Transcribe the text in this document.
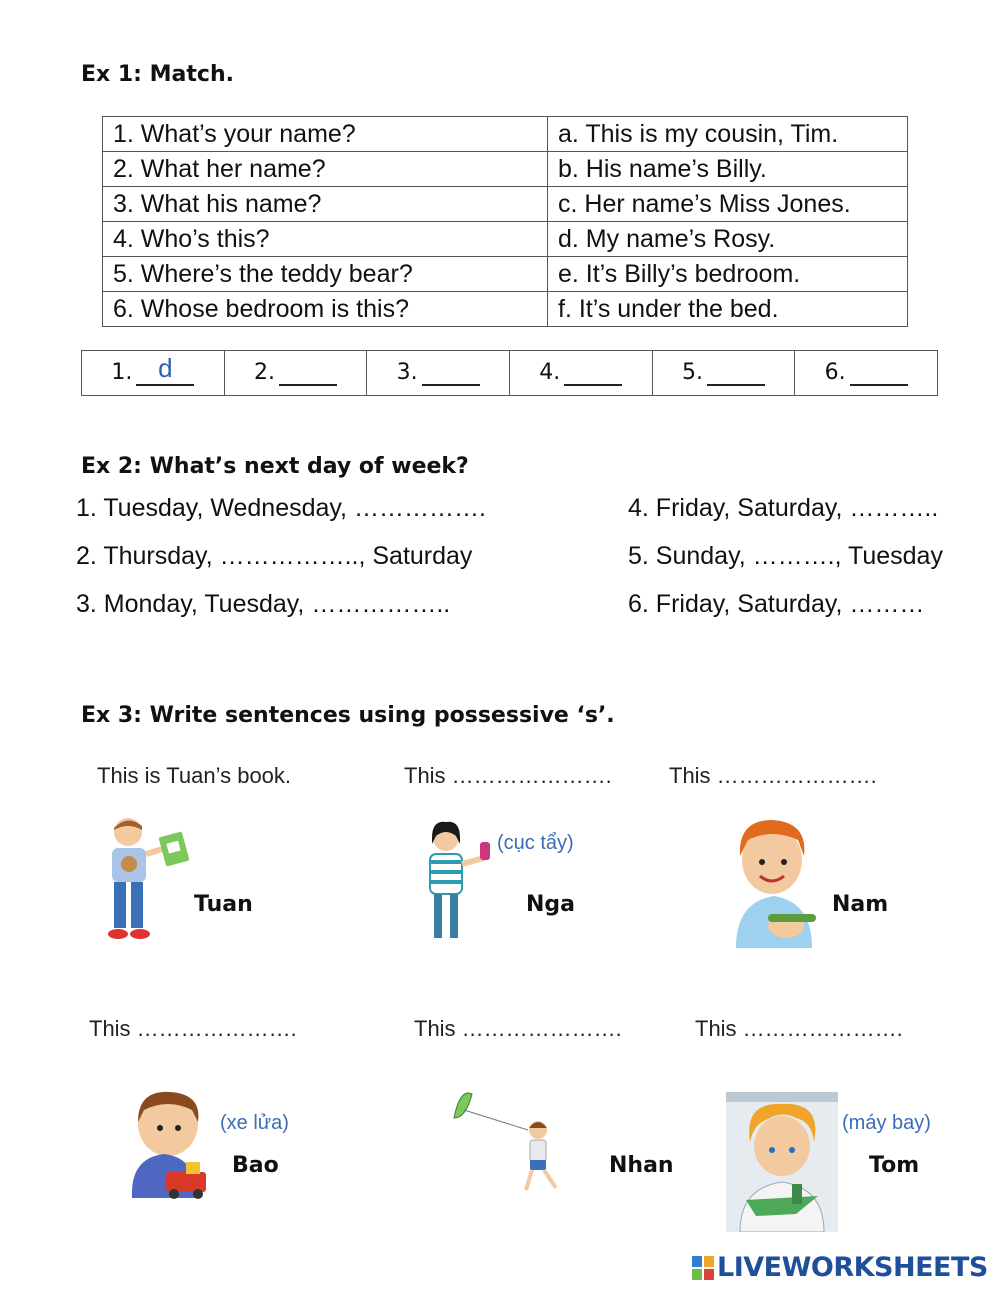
Ex 1: Match.
1. What’s your name?	a. This is my cousin, Tim.
2. What her name?	b. His name’s Billy.
3. What his name?	c. Her name’s Miss Jones.
4. Who’s this?	d. My name’s Rosy.
5. Where’s the teddy bear?	e. It’s Billy’s bedroom.
6. Whose bedroom is this?	f. It’s under the bed.
1.d	2.	3.	4.	5.	6.
Ex 2: What’s next day of week?
1. Tuesday, Wednesday, …………….
2. Thursday, …………….., Saturday
3. Monday, Tuesday, ……………..
4. Friday, Saturday, ………..
5. Sunday, ………., Tuesday
6. Friday, Saturday, ………
Ex 3: Write sentences using possessive ‘s’.
This is Tuan’s book.	This ………………….	This ………………….
Tuan
(cục tẩy)
Nga	Nam
This ………………….	This ………………….	This ………………….
(xe lửa)
Bao	Nhan
(máy bay)
Tom
LIVEWORKSHEETS
